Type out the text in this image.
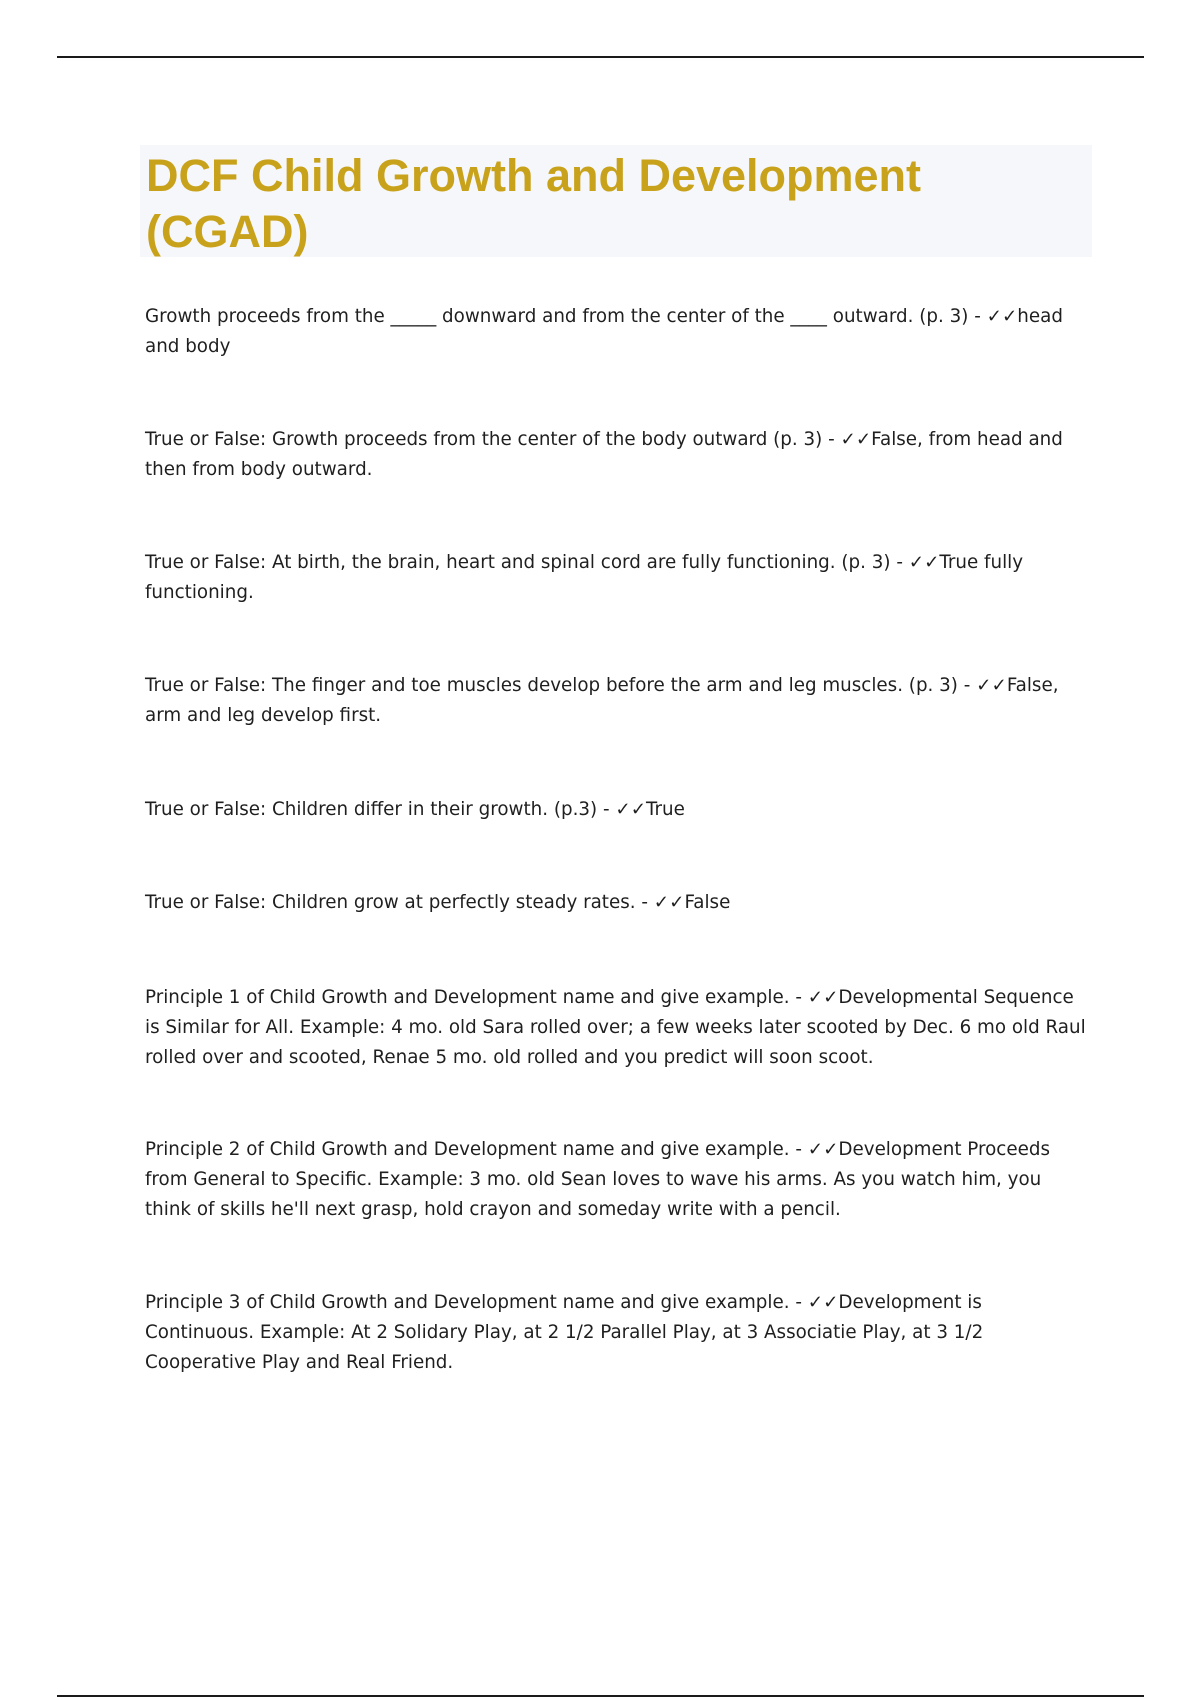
DCF Child Growth and Development (CGAD)

Growth proceeds from the _____ downward and from the center of the ____ outward. (p. 3) - ✓✓head and body

True or False: Growth proceeds from the center of the body outward (p. 3) - ✓✓False, from head and then from body outward.

True or False: At birth, the brain, heart and spinal cord are fully functioning. (p. 3) - ✓✓True fully functioning.

True or False: The finger and toe muscles develop before the arm and leg muscles. (p. 3) - ✓✓False, arm and leg develop first.

True or False: Children differ in their growth. (p.3) - ✓✓True

True or False: Children grow at perfectly steady rates. - ✓✓False

Principle 1 of Child Growth and Development name and give example. - ✓✓Developmental Sequence is Similar for All. Example: 4 mo. old Sara rolled over; a few weeks later scooted by Dec. 6 mo old Raul rolled over and scooted, Renae 5 mo. old rolled and you predict will soon scoot.

Principle 2 of Child Growth and Development name and give example. - ✓✓Development Proceeds from General to Specific. Example: 3 mo. old Sean loves to wave his arms. As you watch him, you think of skills he'll next grasp, hold crayon and someday write with a pencil.

Principle 3 of Child Growth and Development name and give example. - ✓✓Development is Continuous. Example: At 2 Solidary Play, at 2 1/2 Parallel Play, at 3 Associatie Play, at 3 1/2 Cooperative Play and Real Friend.
